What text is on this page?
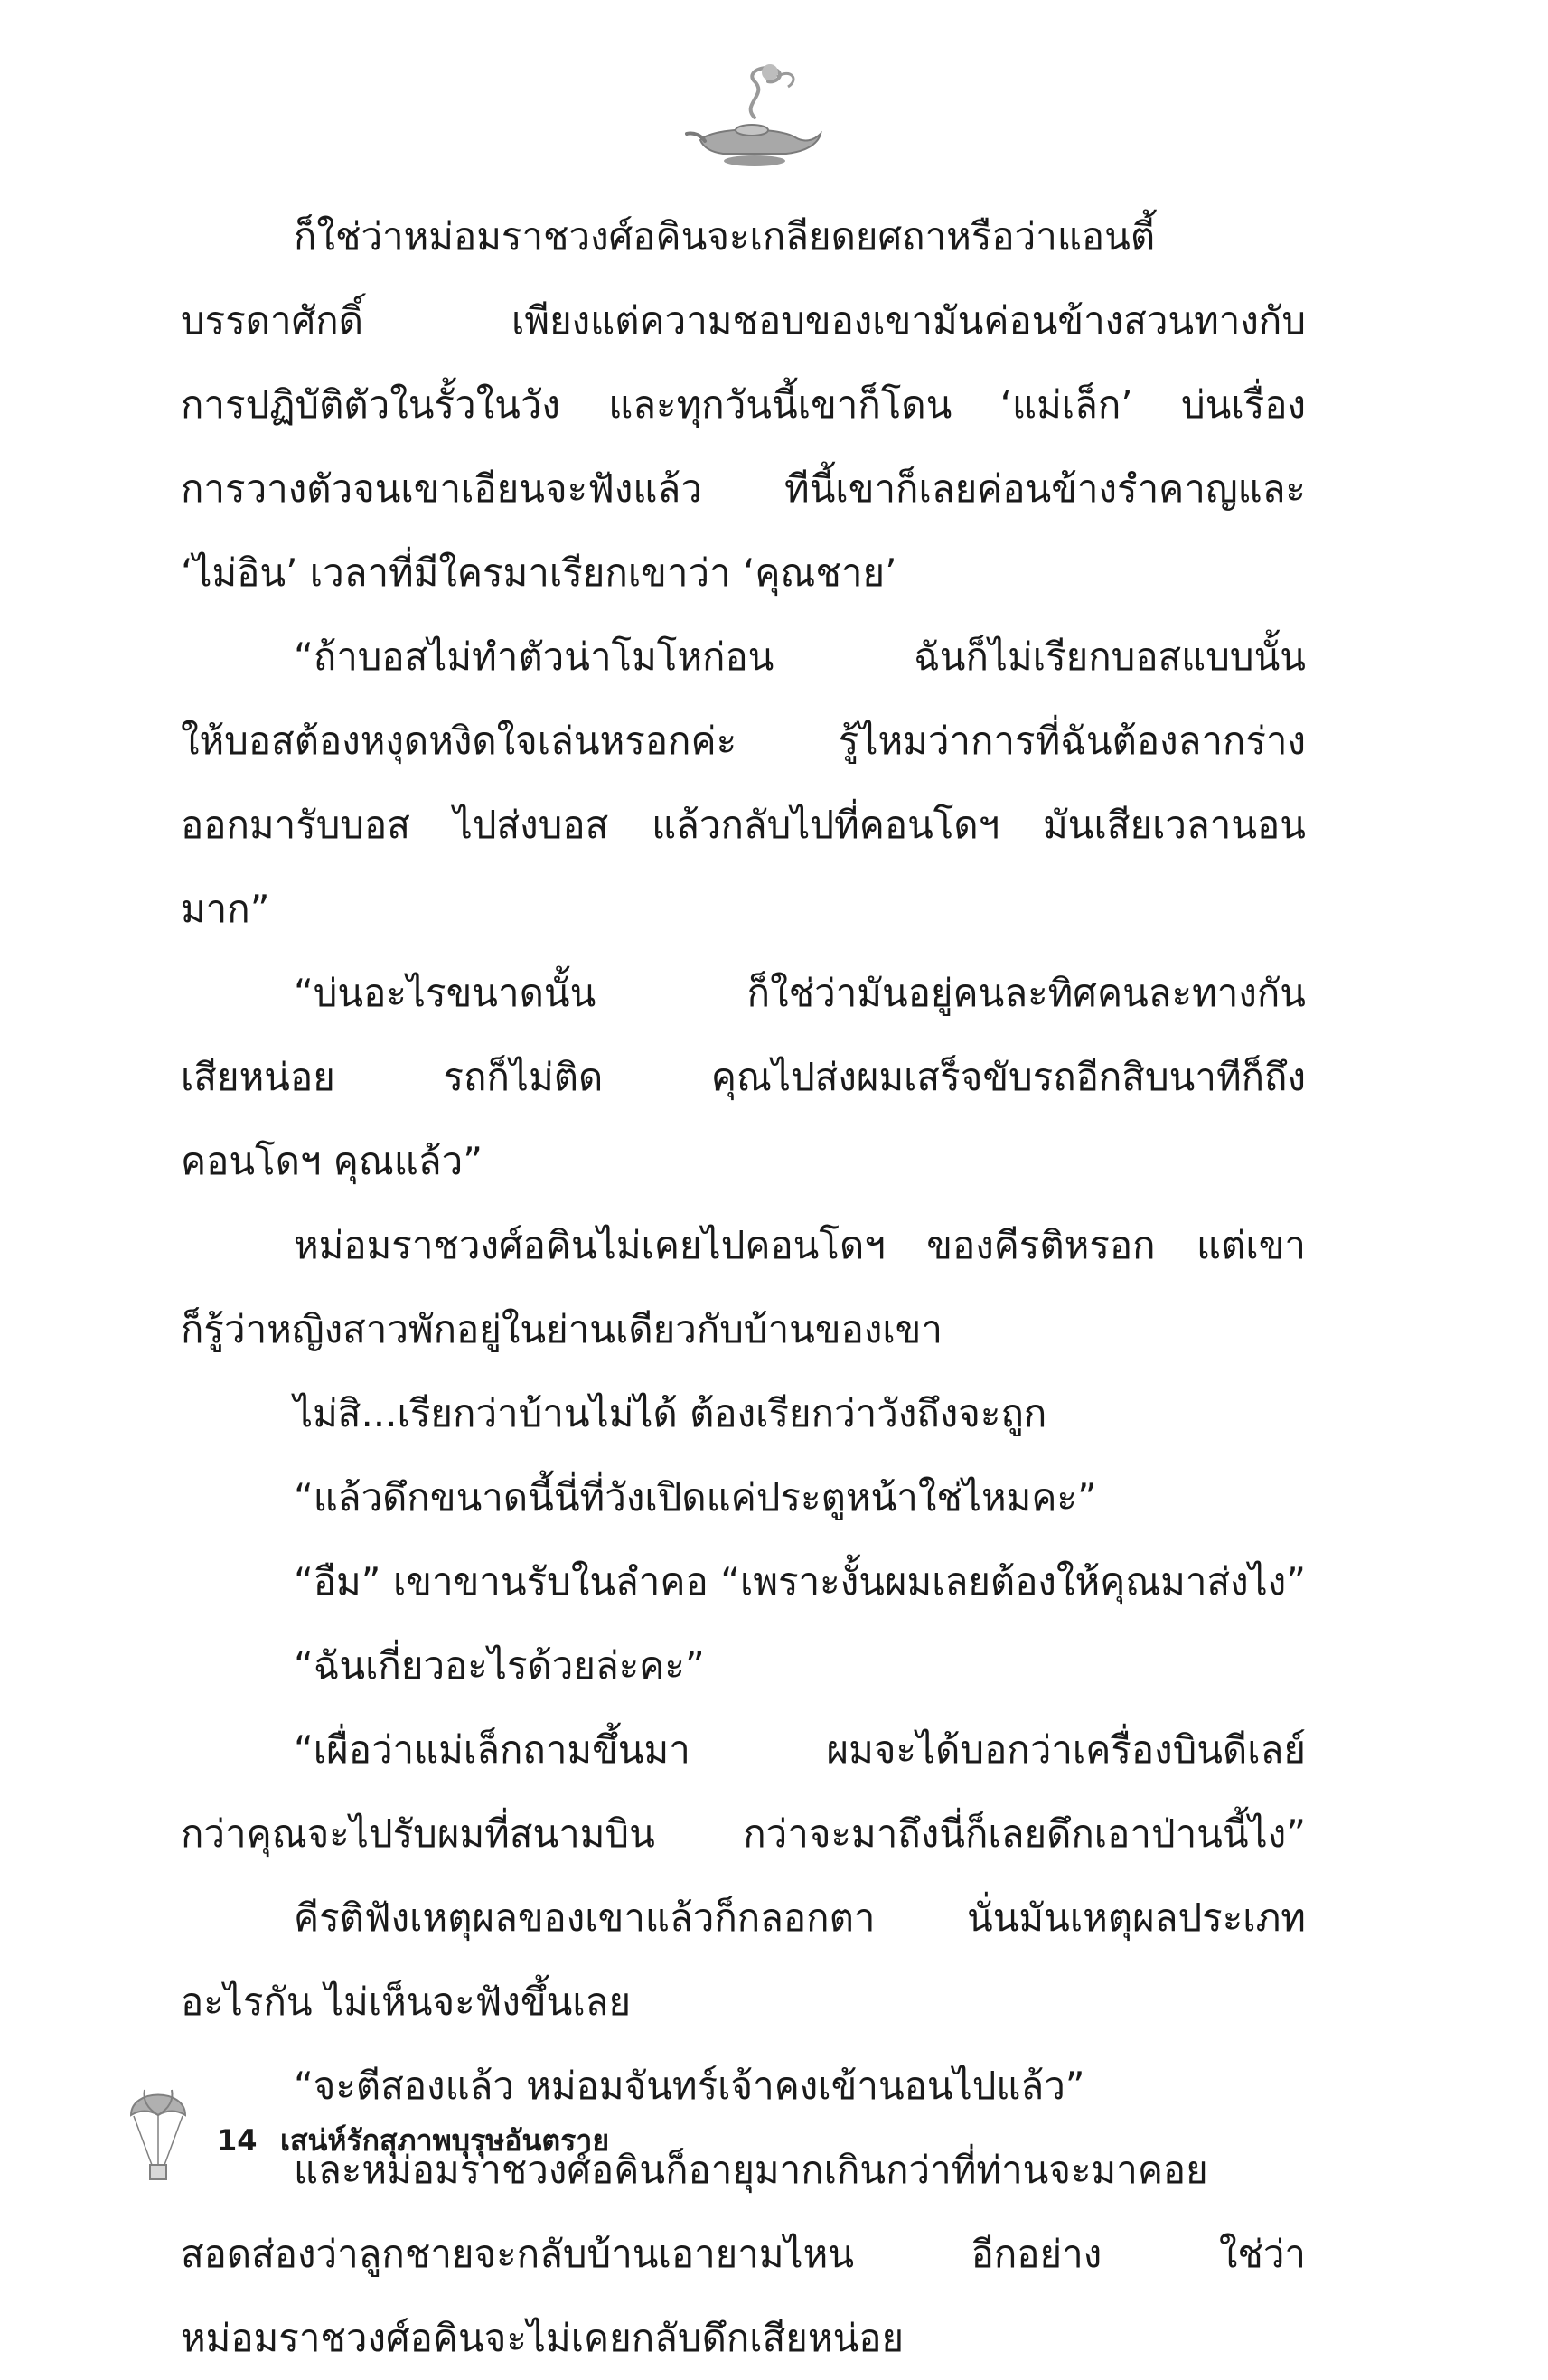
ก็ใช่ว่าหม่อมราชวงศ์อคินจะเกลียดยศถาหรือว่าแอนตี้
บรรดาศักดิ์ เพียงแต่ความชอบของเขามันค่อนข้างสวนทางกับ
การปฏิบัติตัวในรั้วในวัง และทุกวันนี้เขาก็โดน ‘แม่เล็ก’ บ่นเรื่อง
การวางตัวจนเขาเอียนจะฟังแล้ว ทีนี้เขาก็เลยค่อนข้างรำคาญและ
‘ไม่อิน’ เวลาที่มีใครมาเรียกเขาว่า ‘คุณชาย’
“ถ้าบอสไม่ทำตัวน่าโมโหก่อน ฉันก็ไม่เรียกบอสแบบนั้น
ให้บอสต้องหงุดหงิดใจเล่นหรอกค่ะ รู้ไหมว่าการที่ฉันต้องลากร่าง
ออกมารับบอส ไปส่งบอส แล้วกลับไปที่คอนโดฯ มันเสียเวลานอน
มาก”
“บ่นอะไรขนาดนั้น ก็ใช่ว่ามันอยู่คนละทิศคนละทางกัน
เสียหน่อย รถก็ไม่ติด คุณไปส่งผมเสร็จขับรถอีกสิบนาทีก็ถึง
คอนโดฯ คุณแล้ว”
หม่อมราชวงศ์อคินไม่เคยไปคอนโดฯ ของคีรติหรอก แต่เขา
ก็รู้ว่าหญิงสาวพักอยู่ในย่านเดียวกับบ้านของเขา
ไม่สิ...เรียกว่าบ้านไม่ได้ ต้องเรียกว่าวังถึงจะถูก
“แล้วดึกขนาดนี้นี่ที่วังเปิดแค่ประตูหน้าใช่ไหมคะ”
“อืม” เขาขานรับในลำคอ “เพราะงั้นผมเลยต้องให้คุณมาส่งไง”
“ฉันเกี่ยวอะไรด้วยล่ะคะ”
“เผื่อว่าแม่เล็กถามขึ้นมา ผมจะได้บอกว่าเครื่องบินดีเลย์
กว่าคุณจะไปรับผมที่สนามบิน กว่าจะมาถึงนี่ก็เลยดึกเอาป่านนี้ไง”
คีรติฟังเหตุผลของเขาแล้วก็กลอกตา นั่นมันเหตุผลประเภท
อะไรกัน ไม่เห็นจะฟังขึ้นเลย
“จะตีสองแล้ว หม่อมจันทร์เจ้าคงเข้านอนไปแล้ว”
และหม่อมราชวงศ์อคินก็อายุมากเกินกว่าที่ท่านจะมาคอย
สอดส่องว่าลูกชายจะกลับบ้านเอายามไหน อีกอย่าง ใช่ว่า
หม่อมราชวงศ์อคินจะไม่เคยกลับดึกเสียหน่อย
14 เสน่ห์รักสุภาพบุรุษอันตราย
